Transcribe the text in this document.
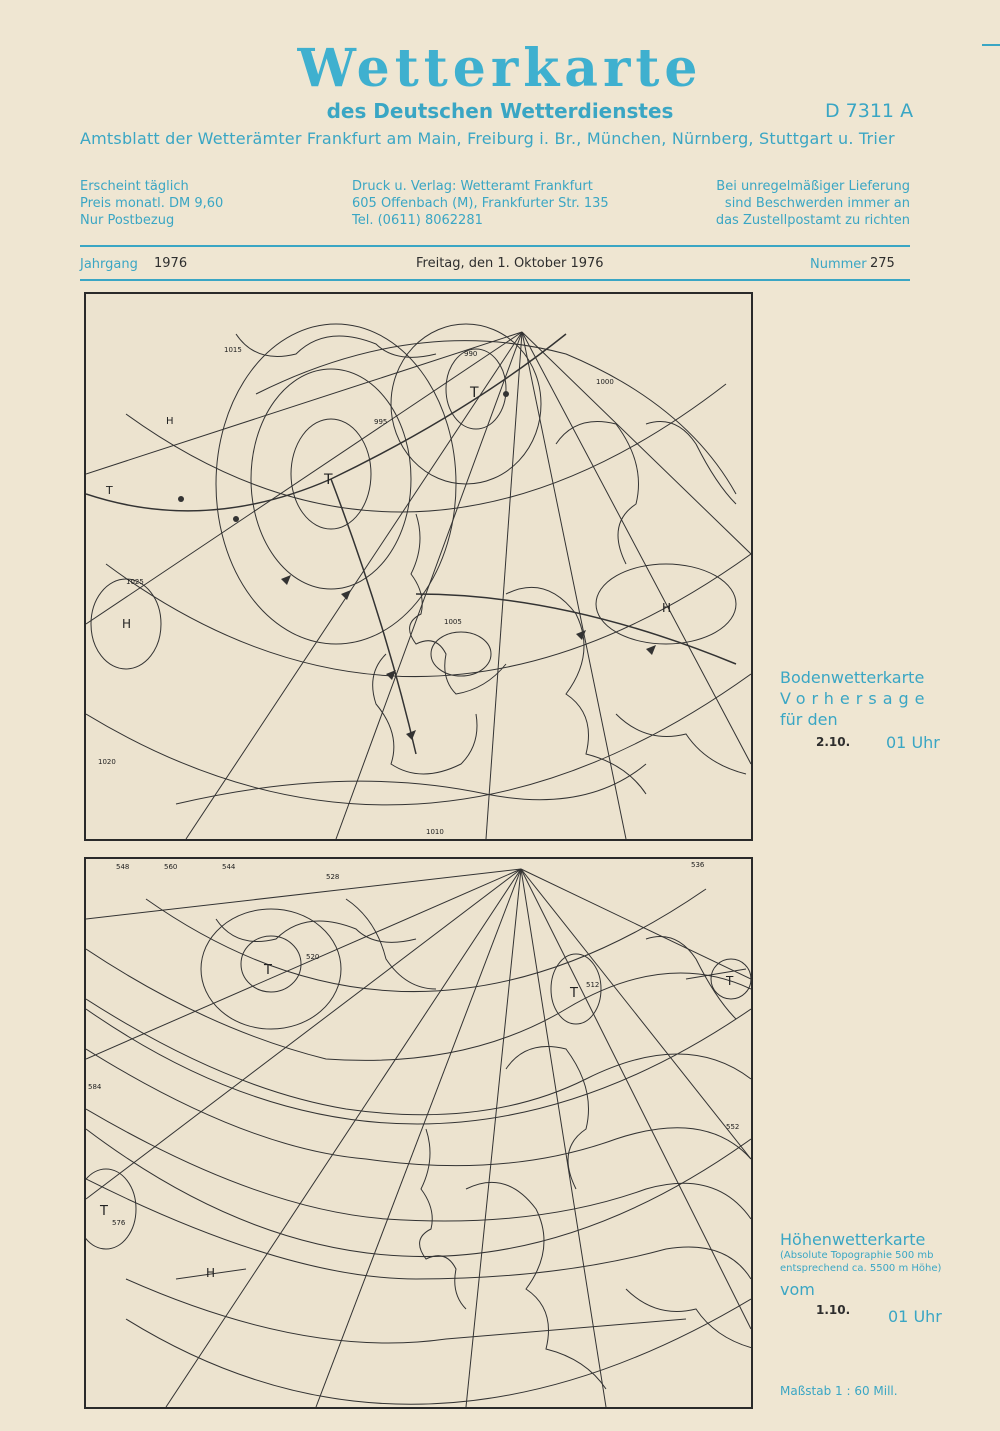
Wetterkarte
des Deutschen Wetterdienstes	D 7311 A
Amtsblatt der Wetterämter Frankfurt am Main, Freiburg i. Br., München, Nürnberg, Stuttgart u. Trier
Erscheint täglich
Preis monatl. DM 9,60
Nur Postbezug
Druck u. Verlag: Wetteramt Frankfurt
605 Offenbach (M), Frankfurter Str. 135
Tel. (0611) 8062281
Bei unregelmäßiger Lieferung
sind Beschwerden immer an
das Zustellpostamt zu richten
Jahrgang 1976	Freitag, den 1. Oktober 1976	Nummer 275
T
T
T
H
H
H
1025
1020
1015
1010
1005
1000
995
990
Bodenwetterkarte
Vorhersage
für den
2.10. 01 Uhr
T
T
T
T
H
548	560	544
528
520
512
584
576
536
552
Höhenwetterkarte
(Absolute Topographie 500 mb
entsprechend ca. 5500 m Höhe)
vom
1.10. 01 Uhr
Maßstab 1 : 60 Mill.
